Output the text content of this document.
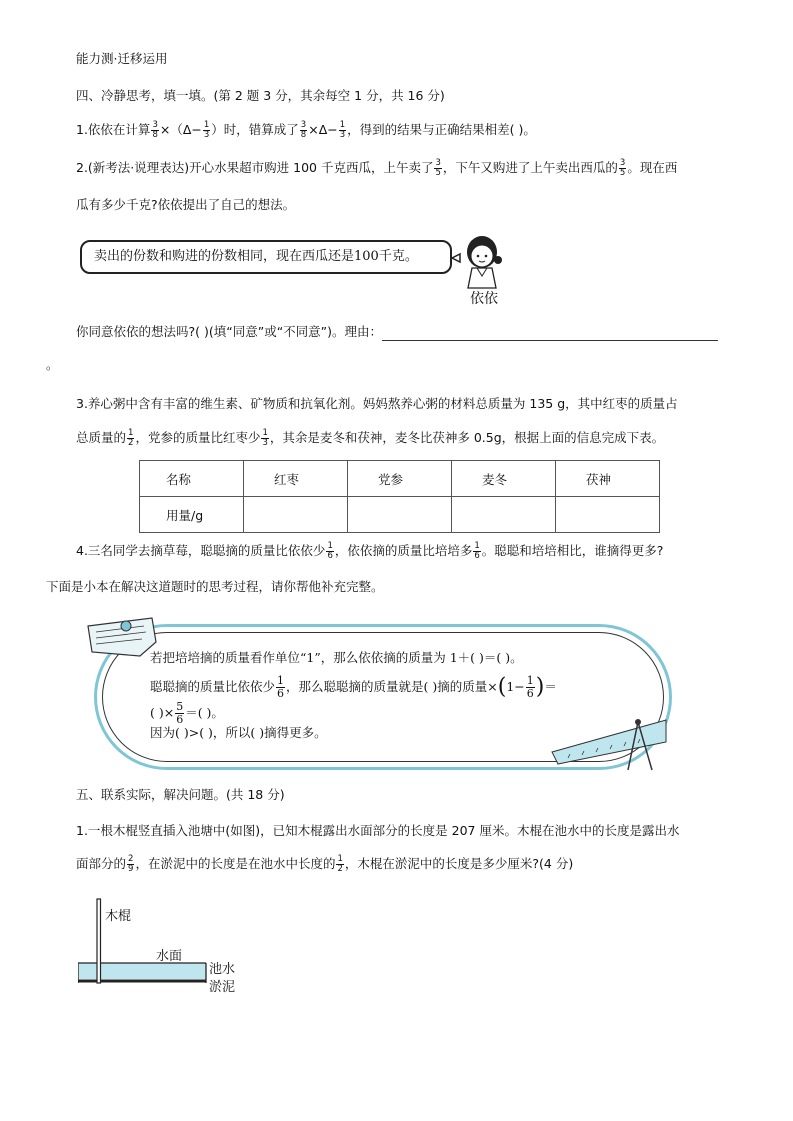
能力测·迁移运用
四、冷静思考，填一填。(第 2 题 3 分，其余每空 1 分，共 16 分)
1.依依在计算 $\frac{3}{8} \times(\Delta- \frac{1}{3}$ ）时，错算成了 $\frac{3}{8} \times\Delta- \frac{1}{3}$ ，得到的结果与正确结果相差( )。
2.(新考法·说理表达)开心水果超市购进 100 千克西瓜，上午卖了 $\frac{3}{5}$ ，下午又购进了上午卖出西瓜的 $\frac{3}{5}$ 。现在西
瓜有多少千克?依依提出了自己的想法。
卖出的份数和购进的份数相同，现在西瓜还是100千克。
依依
你同意依依的想法吗?( )(填“同意”或“不同意”)。理由：
。
3.养心粥中含有丰富的维生素、矿物质和抗氧化剂。妈妈熬养心粥的材料总质量为 135 g，其中红枣的质量占
总质量的 $\frac{1}{2}$ ，党参的质量比红枣少 $\frac{1}{3}$ ，其余是麦冬和茯神，麦冬比茯神多 0.5g，根据上面的信息完成下表。
名称	红枣	党参	麦冬	茯神
用量/g				
4.三名同学去摘草莓，聪聪摘的质量比依依少 $\frac{1}{6}$ ，依依摘的质量比培培多 $\frac{1}{6}$ 。聪聪和培培相比，谁摘得更多?
下面是小本在解决这道题时的思考过程，请你帮他补充完整。
若把培培摘的质量看作单位“1”，那么依依摘的质量为 1＋( )＝( )。
聪聪摘的质量比依依少 $\frac{1}{6}$ ，那么聪聪摘的质量就是( )摘的质量$\times(1- \frac{1}{6}$ )＝
( )× $\frac{5}{6}$ ＝( )。
因为( )>( )，所以( )摘得更多。
五、联系实际，解决问题。(共 18 分)
1.一根木棍竖直插入池塘中(如图)，已知木棍露出水面部分的长度是 207 厘米。木棍在池水中的长度是露出水
面部分的 $\frac{2}{9}$ ，在淤泥中的长度是在池水中长度的 $\frac{1}{2}$ ，木棍在淤泥中的长度是多少厘米?(4 分)
木棍
水面
池水
淤泥
